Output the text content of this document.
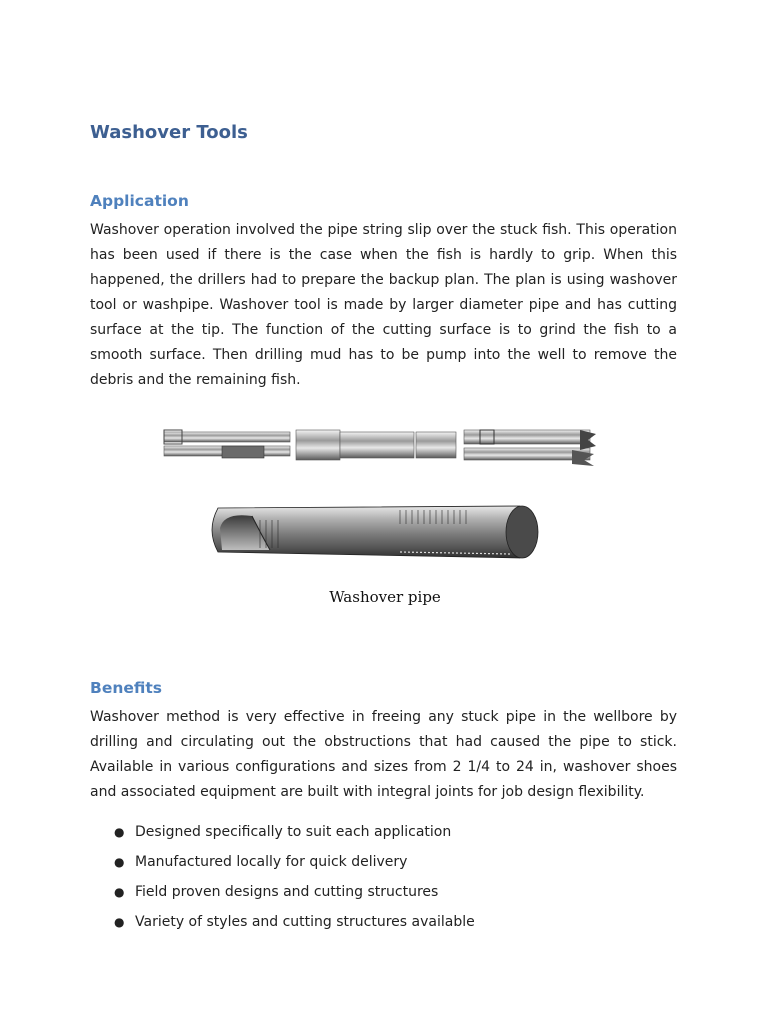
Washover Tools
Application

Washover operation involved the pipe string slip over the stuck fish. This operation has been used if there is the case when the fish is hardly to grip. When this happened, the drillers had to prepare the backup plan. The plan is using washover tool or washpipe. Washover tool is made by larger diameter pipe and has cutting surface at the tip. The function of the cutting surface is to grind the fish to a smooth surface. Then drilling mud has to be pump into the well to remove the debris and the remaining fish.

Washover pipe
Benefits

Washover method is very effective in freeing any stuck pipe in the wellbore by drilling and circulating out the obstructions that had caused the pipe to stick. Available in various configurations and sizes from 2 1/4 to 24 in, washover shoes and associated equipment are built with integral joints for job design flexibility.

● Designed specifically to suit each application
● Manufactured locally for quick delivery
● Field proven designs and cutting structures
● Variety of styles and cutting structures available
